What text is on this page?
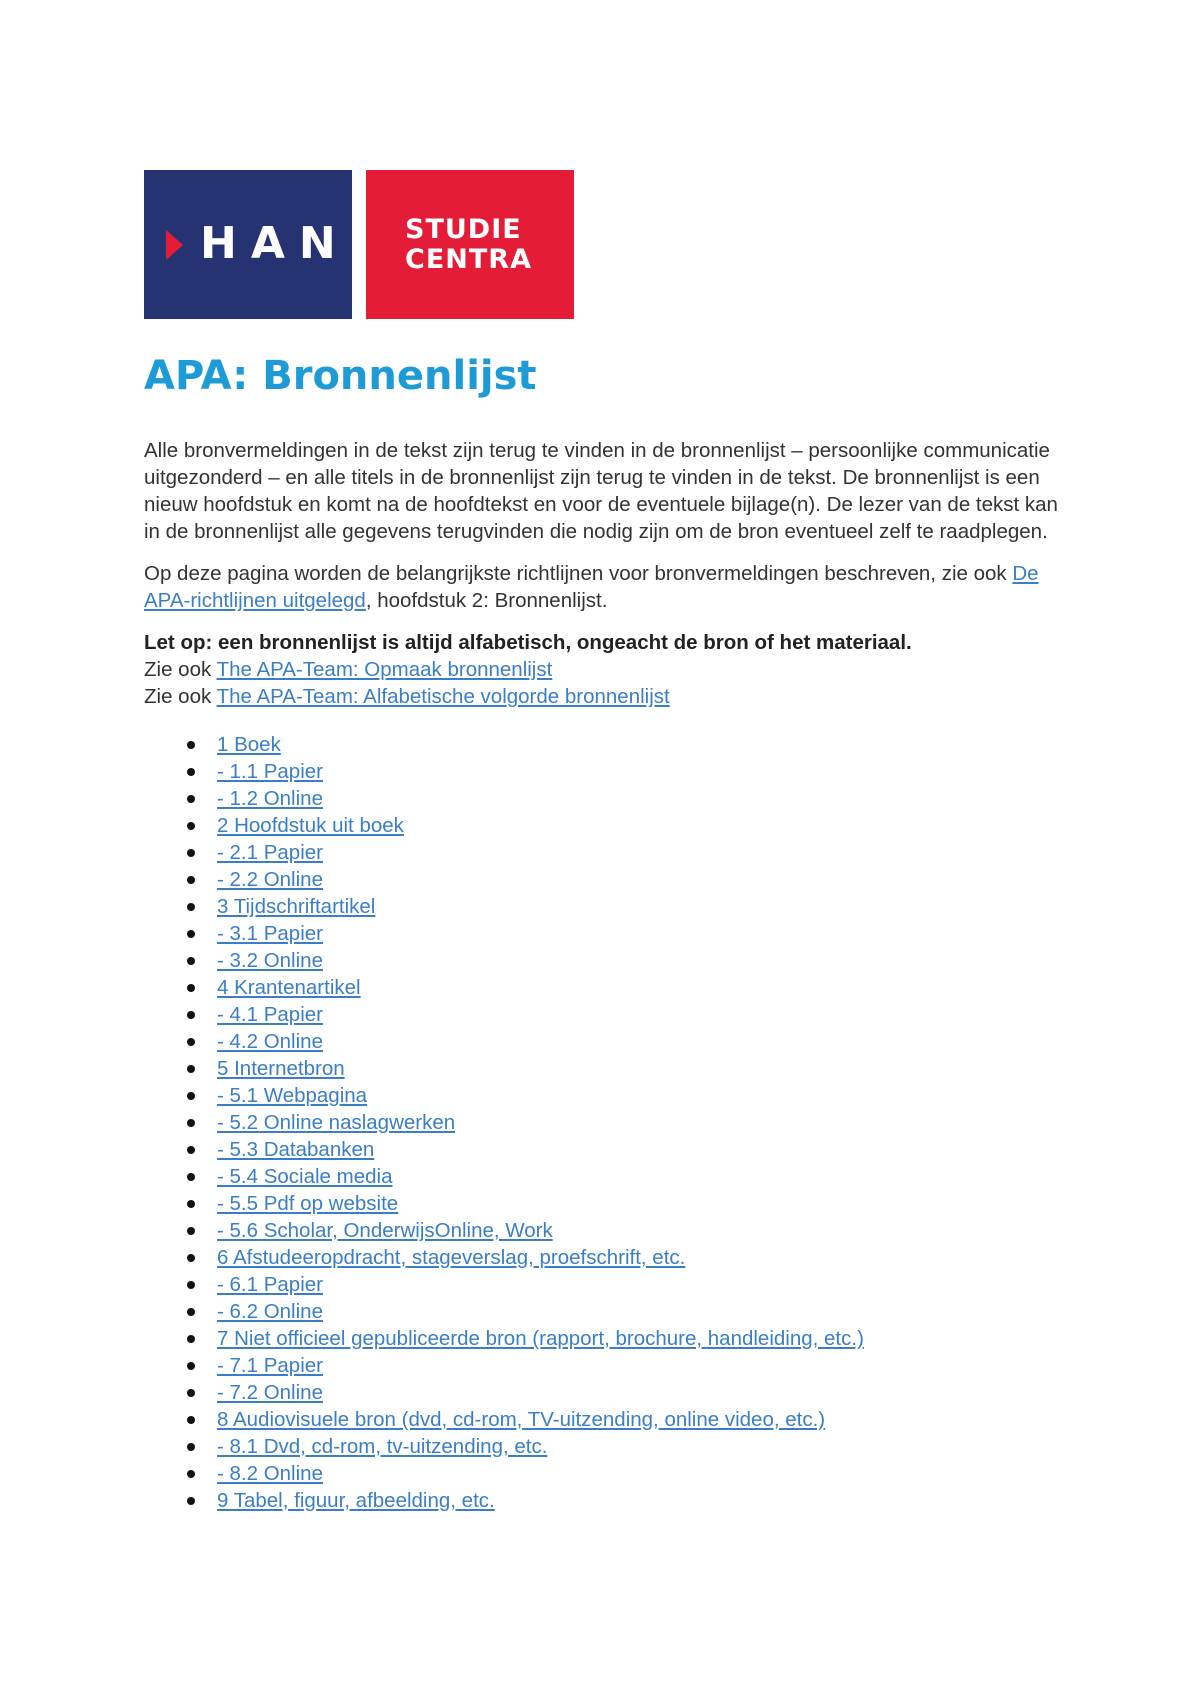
HAN	STUDIE
CENTRA
APA: Bronnenlijst

Alle bronvermeldingen in de tekst zijn terug te vinden in de bronnenlijst – persoonlijke communicatie uitgezonderd – en alle titels in de bronnenlijst zijn terug te vinden in de tekst. De bronnenlijst is een nieuw hoofdstuk en komt na de hoofdtekst en voor de eventuele bijlage(n). De lezer van de tekst kan in de bronnenlijst alle gegevens terugvinden die nodig zijn om de bron eventueel zelf te raadplegen.

Op deze pagina worden de belangrijkste richtlijnen voor bronvermeldingen beschreven, zie ook De APA-richtlijnen uitgelegd, hoofdstuk 2: Bronnenlijst.

Let op: een bronnenlijst is altijd alfabetisch, ongeacht de bron of het materiaal.
Zie ook The APA-Team: Opmaak bronnenlijst
Zie ook The APA-Team: Alfabetische volgorde bronnenlijst

1 Boek
- 1.1 Papier
- 1.2 Online
2 Hoofdstuk uit boek
- 2.1 Papier
- 2.2 Online
3 Tijdschriftartikel
- 3.1 Papier
- 3.2 Online
4 Krantenartikel
- 4.1 Papier
- 4.2 Online
5 Internetbron
- 5.1 Webpagina
- 5.2 Online naslagwerken
- 5.3 Databanken
- 5.4 Sociale media
- 5.5 Pdf op website
- 5.6 Scholar, OnderwijsOnline, Work
6 Afstudeeropdracht, stageverslag, proefschrift, etc.
- 6.1 Papier
- 6.2 Online
7 Niet officieel gepubliceerde bron (rapport, brochure, handleiding, etc.)
- 7.1 Papier
- 7.2 Online
8 Audiovisuele bron (dvd, cd-rom, TV-uitzending, online video, etc.)
- 8.1 Dvd, cd-rom, tv-uitzending, etc.
- 8.2 Online
9 Tabel, figuur, afbeelding, etc.
